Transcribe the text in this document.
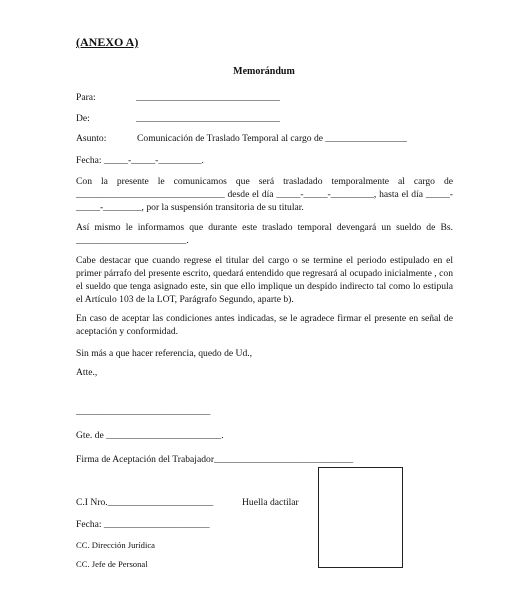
(ANEXO A)
Memorándum
Para:	______________________________
De:	______________________________
Asunto:	Comunicación de Traslado Temporal al cargo de _________________
Fecha: _____-_____-_________.
Con la presente le comunicamos que será trasladado temporalmente al cargo de _______________________________ desde el día _____-_____-_________, hasta el día _____-_____-________, por la suspensión transitoria de su titular.
Así mismo le informamos que durante este traslado temporal devengará un sueldo de Bs. _______________________.
Cabe destacar que cuando regrese el titular del cargo o se termine el periodo estipulado en el primer párrafo del presente escrito, quedará entendido que regresará al ocupado inicialmente , con el sueldo que tenga asignado este, sin que ello implique un despido indirecto tal como lo estipula el Artículo 103 de la LOT, Parágrafo Segundo, aparte b).
En caso de aceptar las condiciones antes indicadas, se le agradece firmar el presente en señal de aceptación y conformidad.
Sin más a que hacer referencia, quedo de Ud.,
Atte.,
____________________________
Gte. de ________________________.
Firma de Aceptación del Trabajador_____________________________
C.I Nro.______________________	Huella dactilar
Fecha: ______________________
CC. Dirección Jurídica
CC. Jefe de Personal
